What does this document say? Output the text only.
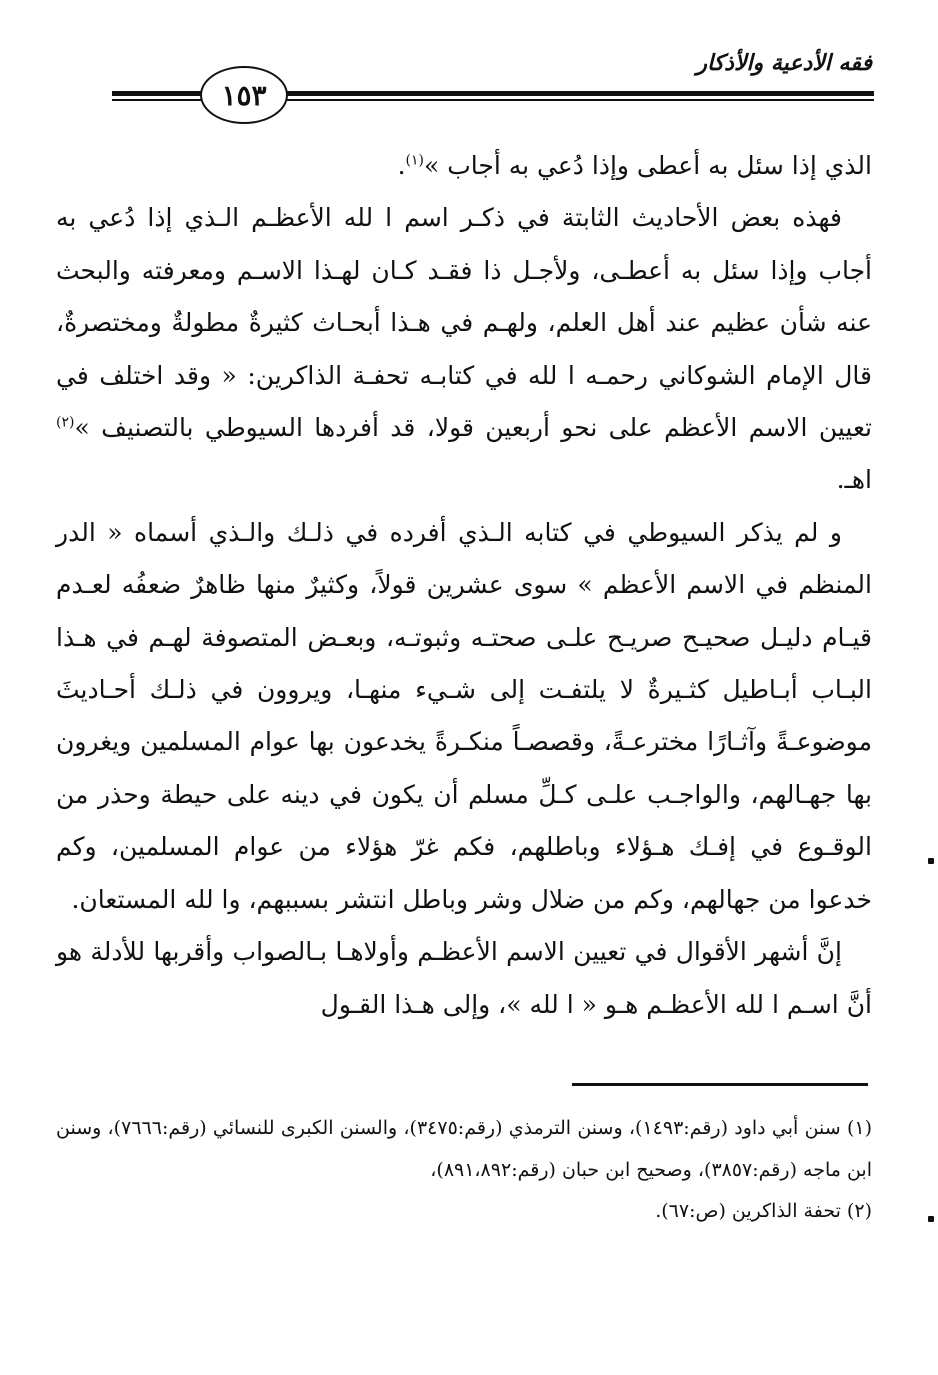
فقه الأدعية والأذكار
١٥٣

الذي إذا سئل به أعطى وإذا دُعي به أجاب »$^{(١)}$.

فهذه بعض الأحاديث الثابتة في ذكـر اسم ا لله الأعظـم الـذي إذا دُعي به أجاب وإذا سئل به أعطـى، ولأجـل ذا فقـد كـان لهـذا الاسـم ومعرفته والبحث عنه شأن عظيم عند أهل العلم، ولهـم في هـذا أبحـاث كثيرةٌ مطولةٌ ومختصرةٌ، قال الإمام الشوكاني رحمـه ا لله في كتابـه تحفـة الذاكرين: « وقد اختلف في تعيين الاسم الأعظم على نحو أربعين قولا، قد أفردها السيوطي بالتصنيف »$^{(٢)}$ اهـ.

و لم يذكر السيوطي في كتابه الـذي أفرده في ذلـك والـذي أسماه « الدر المنظم في الاسم الأعظم » سوى عشرين قولاً، وكثيرٌ منها ظاهرٌ ضعفُه لعـدم قيـام دليـل صحيـح صريـح علـى صحتـه وثبوتـه، وبعـض المتصوفة لهـم في هـذا البـاب أبـاطيل كثـيرةٌ لا يلتفـت إلى شـيء منهـا، ويروون في ذلـك أحـاديثَ موضوعـةً وآثـارًا مخترعـةً، وقصصـاً منكـرةً يخدعون بها عوام المسلمين ويغرون بها جهـالهم، والواجـب علـى كـلِّ مسلم أن يكون في دينه على حيطة وحذر من الوقـوع في إفـك هـؤلاء وباطلهم، فكم غرّ هؤلاء من عوام المسلمين، وكم خدعوا من جهالهم، وكم من ضلال وشر وباطل انتشر بسببهم، وا لله المستعان.

إنَّ أشهر الأقوال في تعيين الاسم الأعظـم وأولاهـا بـالصواب وأقربها للأدلة هو أنَّ اسـم ا لله الأعظـم هـو « ا لله »، وإلى هـذا القـول

(١) سنن أبي داود (رقم:١٤٩٣)، وسنن الترمذي (رقم:٣٤٧٥)، والسنن الكبرى للنسائي (رقم:٧٦٦٦)، وسنن ابن ماجه (رقم:٣٨٥٧)، وصحيح ابن حبان (رقم:٨٩١،٨٩٢)،

(٢) تحفة الذاكرين (ص:٦٧).
